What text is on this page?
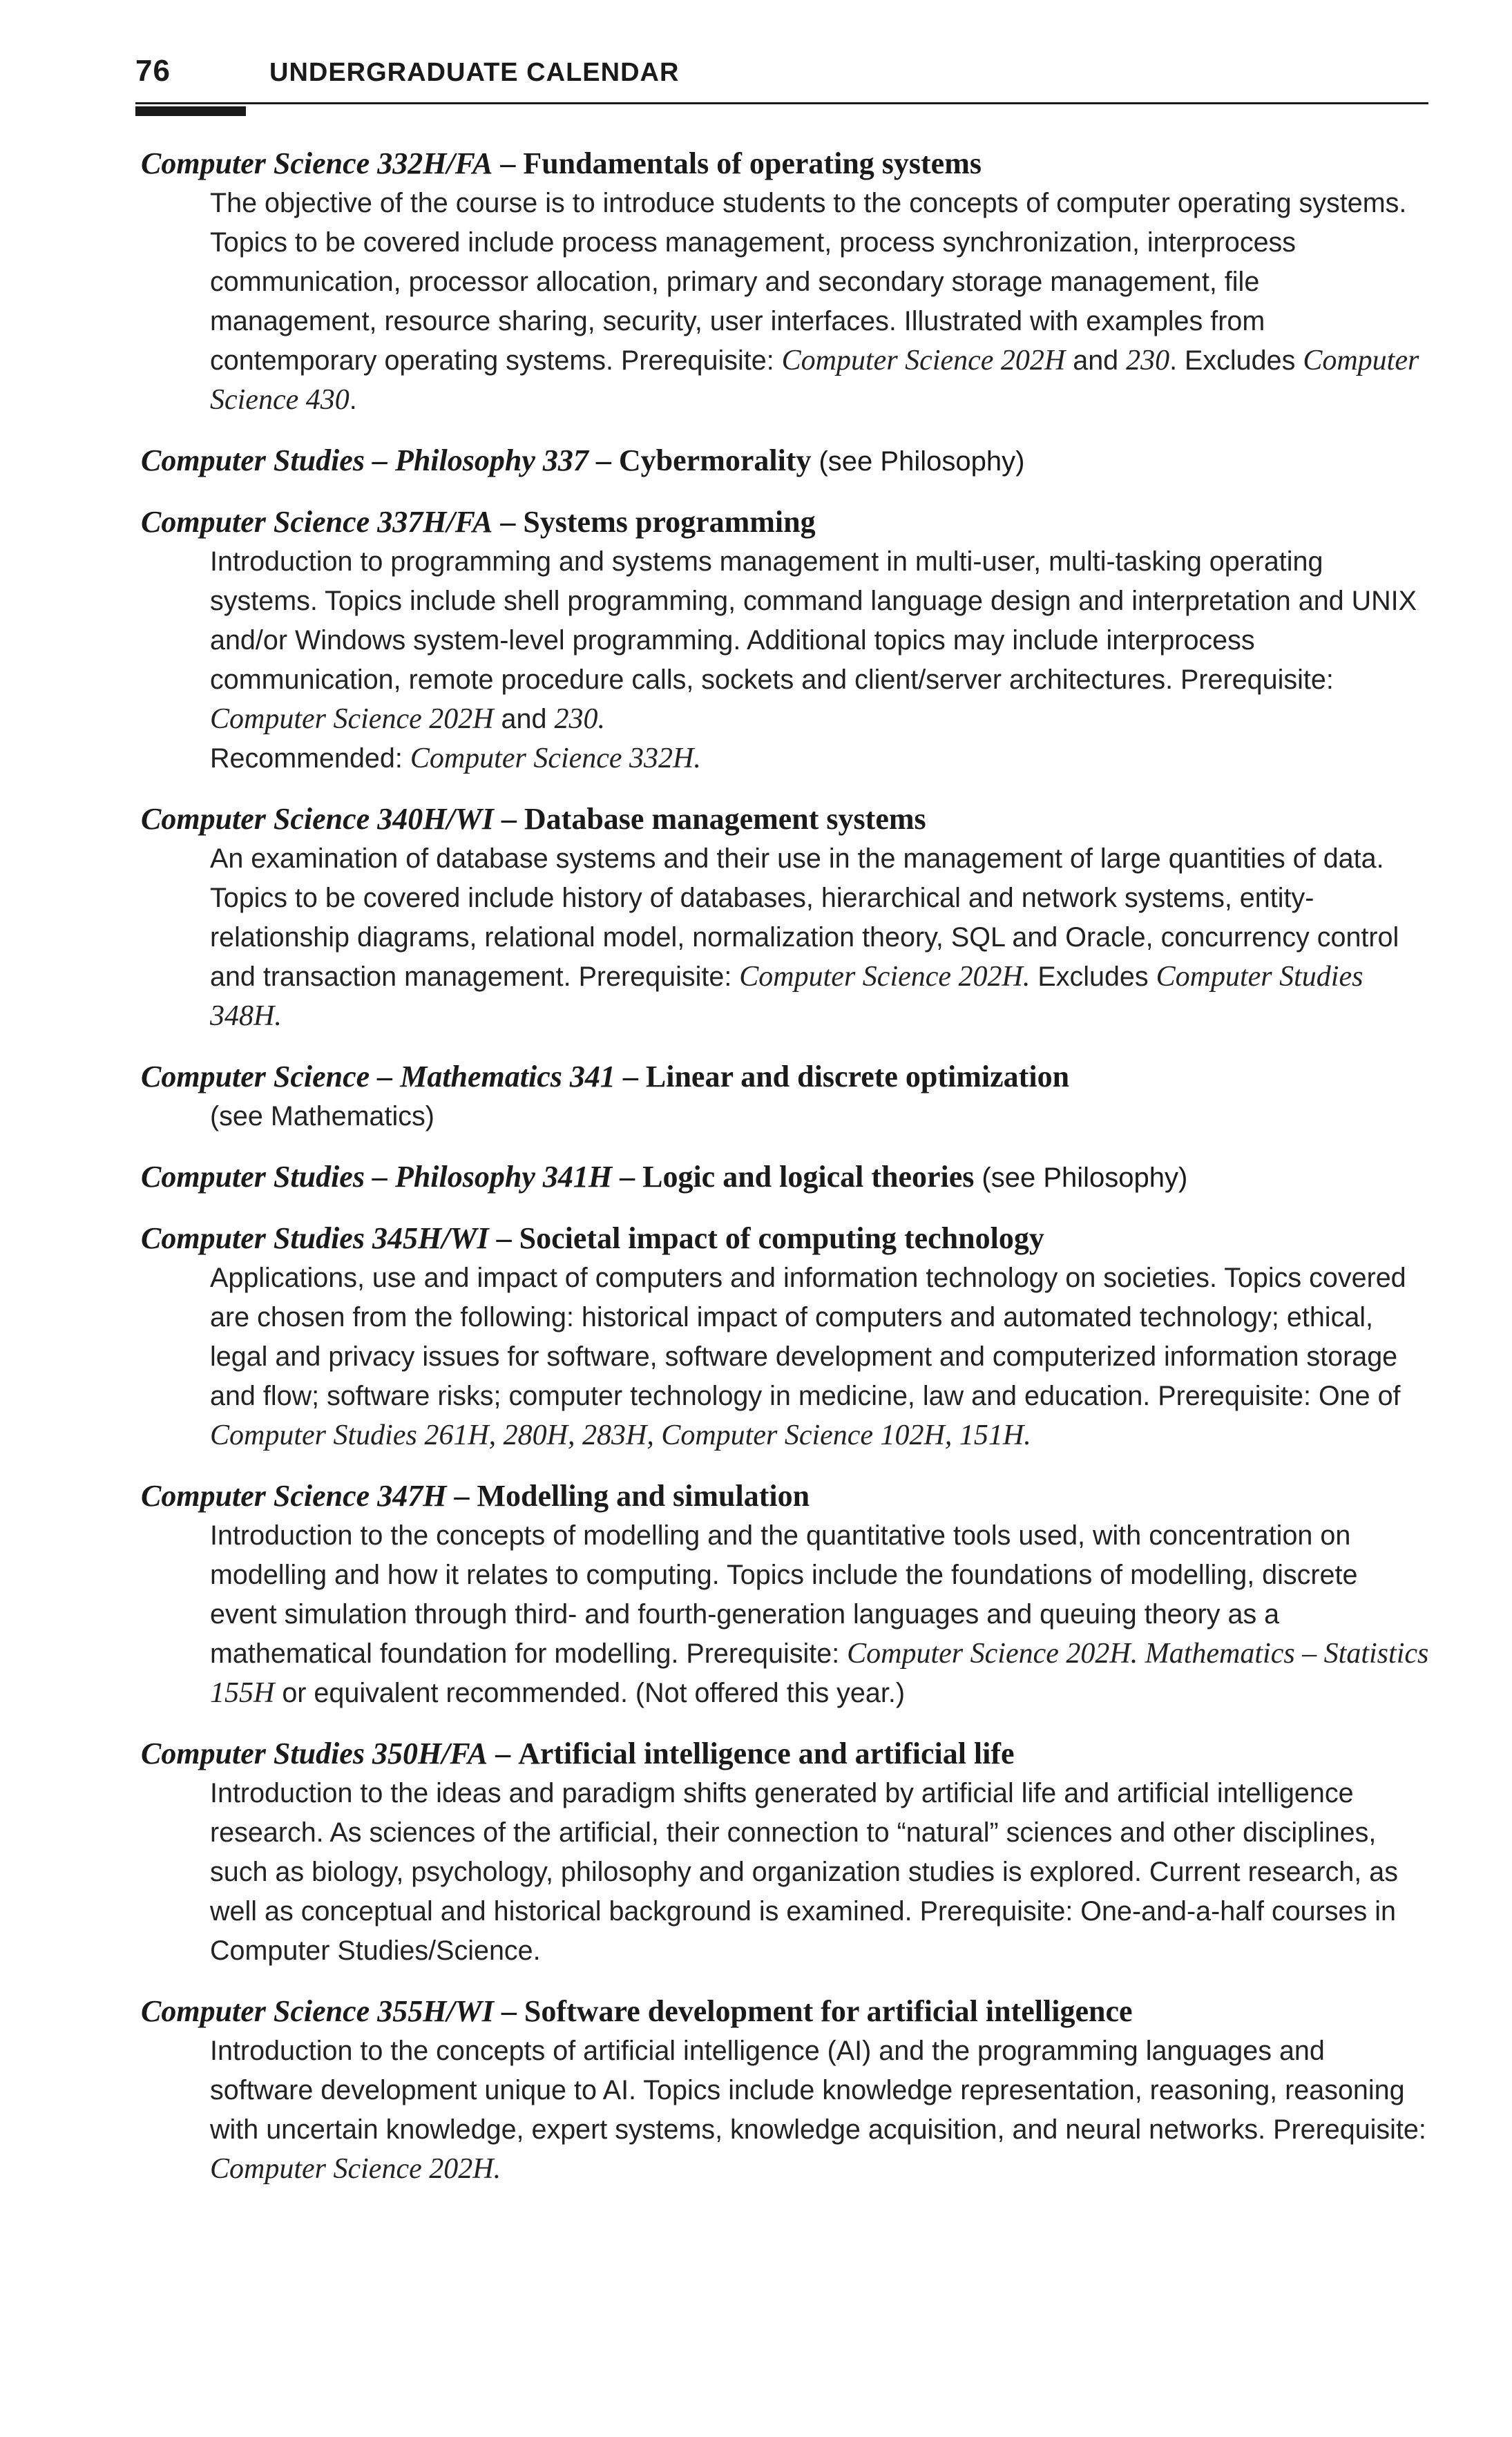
76	UNDERGRADUATE CALENDAR
Computer Science 332H/FA – Fundamentals of operating systems
The objective of the course is to introduce students to the concepts of computer operating systems. Topics to be covered include process management, process synchronization, interprocess communication, processor allocation, primary and secondary storage management, file management, resource sharing, security, user interfaces. Illustrated with examples from contemporary operating systems. Prerequisite: Computer Science 202H and 230. Excludes Computer Science 430.
Computer Studies – Philosophy 337 – Cybermorality (see Philosophy)
Computer Science 337H/FA – Systems programming
Introduction to programming and systems management in multi-user, multi-tasking operating systems. Topics include shell programming, command language design and interpretation and UNIX and/or Windows system-level programming. Additional topics may include interprocess communication, remote procedure calls, sockets and client/server architectures. Prerequisite: Computer Science 202H and 230.
Recommended: Computer Science 332H.
Computer Science 340H/WI – Database management systems
An examination of database systems and their use in the management of large quantities of data. Topics to be covered include history of databases, hierarchical and network systems, entity-relationship diagrams, relational model, normalization theory, SQL and Oracle, concurrency control and transaction management. Prerequisite: Computer Science 202H. Excludes Computer Studies 348H.
Computer Science – Mathematics 341 – Linear and discrete optimization
(see Mathematics)
Computer Studies – Philosophy 341H – Logic and logical theories (see Philosophy)
Computer Studies 345H/WI – Societal impact of computing technology
Applications, use and impact of computers and information technology on societies. Topics covered are chosen from the following: historical impact of computers and automated technology; ethical, legal and privacy issues for software, software development and computerized information storage and flow; software risks; computer technology in medicine, law and education. Prerequisite: One of Computer Studies 261H, 280H, 283H, Computer Science 102H, 151H.
Computer Science 347H – Modelling and simulation
Introduction to the concepts of modelling and the quantitative tools used, with concentration on modelling and how it relates to computing. Topics include the foundations of modelling, discrete event simulation through third- and fourth-generation languages and queuing theory as a mathematical foundation for modelling. Prerequisite: Computer Science 202H. Mathematics – Statistics 155H or equivalent recommended. (Not offered this year.)
Computer Studies 350H/FA – Artificial intelligence and artificial life
Introduction to the ideas and paradigm shifts generated by artificial life and artificial intelligence research. As sciences of the artificial, their connection to “natural” sciences and other disciplines, such as biology, psychology, philosophy and organization studies is explored. Current research, as well as conceptual and historical background is examined. Prerequisite: One-and-a-half courses in Computer Studies/Science.
Computer Science 355H/WI – Software development for artificial intelligence
Introduction to the concepts of artificial intelligence (AI) and the programming languages and software development unique to AI. Topics include knowledge representation, reasoning, reasoning with uncertain knowledge, expert systems, knowledge acquisition, and neural networks. Prerequisite: Computer Science 202H.
